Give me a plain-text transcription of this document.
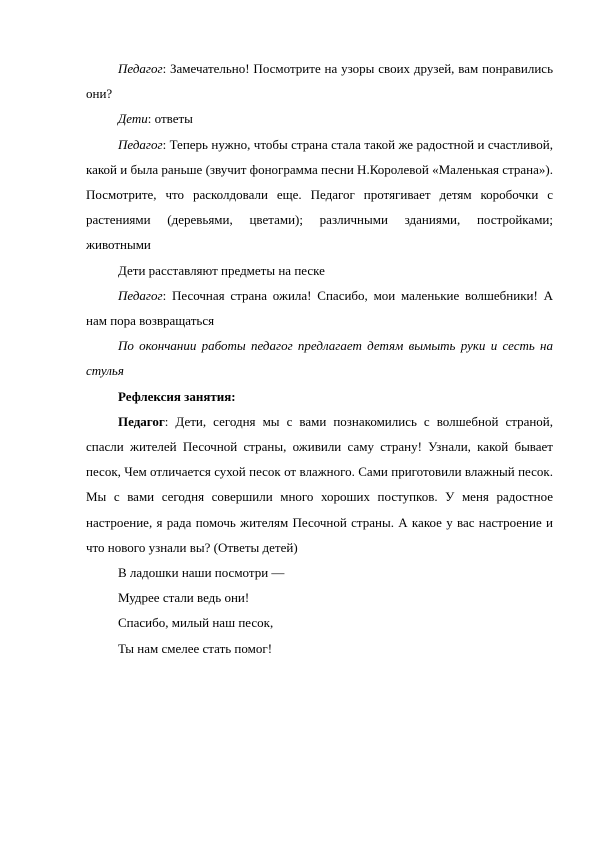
Педагог: Замечательно! Посмотрите на узоры своих друзей, вам понравились они?

Дети: ответы

Педагог: Теперь нужно, чтобы страна стала такой же радостной и счастливой, какой и была раньше (звучит фонограмма песни Н.Королевой «Маленькая страна»). Посмотрите, что расколдовали еще. Педагог протягивает детям коробочки с растениями (деревьями, цветами); различными зданиями, постройками; животными

Дети расставляют предметы на песке

Педагог: Песочная страна ожила! Спасибо, мои маленькие волшебники! А нам пора возвращаться

По окончании работы педагог предлагает детям вымыть руки и сесть на стулья

Рефлексия занятия:

Педагог: Дети, сегодня мы с вами познакомились с волшебной страной, спасли жителей Песочной страны, оживили саму страну! Узнали, какой бывает песок, Чем отличается сухой песок от влажного. Сами приготовили влажный песок. Мы с вами сегодня совершили много хороших поступков. У меня радостное настроение, я рада помочь жителям Песочной страны. А какое у вас настроение и что нового узнали вы? (Ответы детей)

В ладошки наши посмотри —

Мудрее стали ведь они!

Спасибо, милый наш песок,

Ты нам смелее стать помог!
